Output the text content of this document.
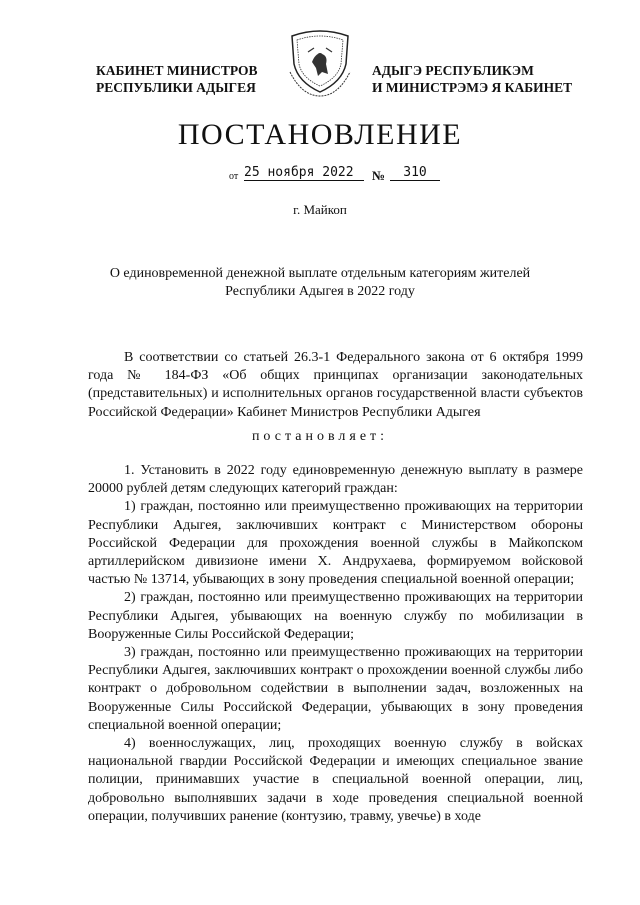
КАБИНЕТ МИНИСТРОВ
РЕСПУБЛИКИ АДЫГЕЯ
АДЫГЭ РЕСПУБЛИКЭМ
И МИНИСТРЭМЭ Я КАБИНЕТ
ПОСТАНОВЛЕНИЕ
от 25 ноября 2022	№	310
г. Майкоп
О единовременной денежной выплате отдельным категориям жителей
Республики Адыгея в 2022 году

В соответствии со статьей 26.3-1 Федерального закона от 6 октября 1999 года № 184-ФЗ «Об общих принципах организации законодательных (представительных) и исполнительных органов государственной власти субъектов Российской Федерации» Кабинет Министров Республики Адыгея

постановляет:

1. Установить в 2022 году единовременную денежную выплату в размере 20000 рублей детям следующих категорий граждан:

1) граждан, постоянно или преимущественно проживающих на территории Республики Адыгея, заключивших контракт с Министерством обороны Российской Федерации для прохождения военной службы в Майкопском артиллерийском дивизионе имени Х. Андрухаева, формируемом войсковой частью № 13714, убывающих в зону проведения специальной военной операции;

2) граждан, постоянно или преимущественно проживающих на территории Республики Адыгея, убывающих на военную службу по мобилизации в Вооруженные Силы Российской Федерации;

3) граждан, постоянно или преимущественно проживающих на территории Республики Адыгея, заключивших контракт о прохождении военной службы либо контракт о добровольном содействии в выполнении задач, возложенных на Вооруженные Силы Российской Федерации, убывающих в зону проведения специальной военной операции;

4) военнослужащих, лиц, проходящих военную службу в войсках национальной гвардии Российской Федерации и имеющих специальное звание полиции, принимавших участие в специальной военной операции, лиц, добровольно выполнявших задачи в ходе проведения специальной военной операции, получивших ранение (контузию, травму, увечье) в ходе
